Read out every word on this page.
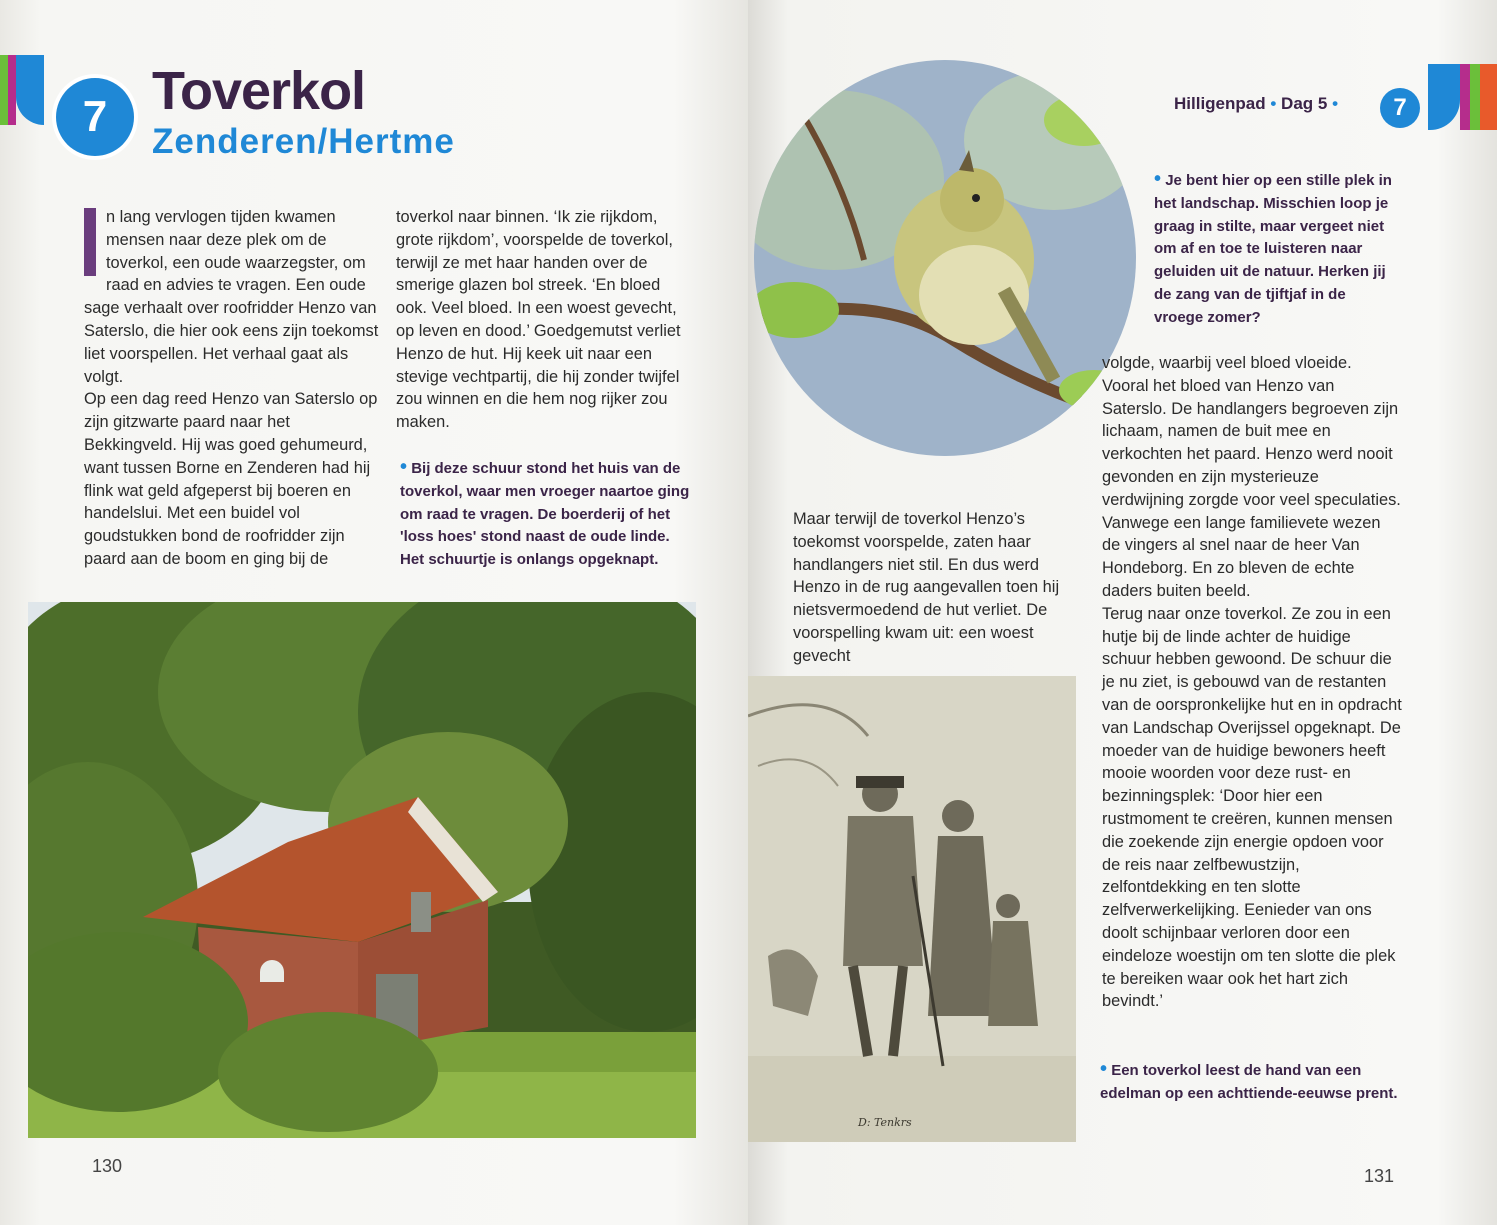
7 Toverkol
Zenderen/Hertme

n lang vervlogen tijden kwamen mensen naar deze plek om de toverkol, een oude waarzegster, om raad en advies te vragen. Een oude sage verhaalt over roofridder Henzo van Saterslo, die hier ook eens zijn toekomst liet voorspellen. Het verhaal gaat als volgt.

Op een dag reed Henzo van Saterslo op zijn gitzwarte paard naar het Bekkingveld. Hij was goed gehumeurd, want tussen Borne en Zenderen had hij flink wat geld afgeperst bij boeren en handelslui. Met een buidel vol goudstukken bond de roofridder zijn paard aan de boom en ging bij de

toverkol naar binnen. ‘Ik zie rijkdom, grote rijkdom’, voorspelde de toverkol, terwijl ze met haar handen over de smerige glazen bol streek. ‘En bloed ook. Veel bloed. In een woest gevecht, op leven en dood.’ Goedgemutst verliet Henzo de hut. Hij keek uit naar een stevige vechtpartij, die hij zonder twijfel zou winnen en die hem nog rijker zou maken.

• Bij deze schuur stond het huis van de toverkol, waar men vroeger naartoe ging om raad te vragen. De boerderij of het 'loss hoes' stond naast de oude linde. Het schuurtje is onlangs opgeknapt.
130
Hilligenpad • Dag 5 •	7
• Je bent hier op een stille plek in het landschap. Misschien loop je graag in stilte, maar vergeet niet om af en toe te luisteren naar geluiden uit de natuur. Herken jij de zang van de tjiftjaf in de vroege zomer?

Maar terwijl de toverkol Henzo’s toekomst voorspelde, zaten haar handlangers niet stil. En dus werd Henzo in de rug aangevallen toen hij nietsvermoedend de hut verliet. De voorspelling kwam uit: een woest gevecht

volgde, waarbij veel bloed vloeide. Vooral het bloed van Henzo van Saterslo. De handlangers begroeven zijn lichaam, namen de buit mee en verkochten het paard. Henzo werd nooit gevonden en zijn mysterieuze verdwijning zorgde voor veel speculaties. Vanwege een lange familievete wezen de vingers al snel naar de heer Van Hondeborg. En zo bleven de echte daders buiten beeld.

Terug naar onze toverkol. Ze zou in een hutje bij de linde achter de huidige schuur hebben gewoond. De schuur die je nu ziet, is gebouwd van de restanten van de oorspronkelijke hut en in opdracht van Landschap Overijssel opgeknapt. De moeder van de huidige bewoners heeft mooie woorden voor deze rust- en bezinningsplek: ‘Door hier een rustmoment te creëren, kunnen mensen die zoekende zijn energie opdoen voor de reis naar zelfbewustzijn, zelfontdekking en ten slotte zelfverwerkelijking. Eenieder van ons doolt schijnbaar verloren door een eindeloze woestijn om ten slotte die plek te bereiken waar ook het hart zich bevindt.’

D: Tenkrs
• Een toverkol leest de hand van een edelman op een achttiende-eeuwse prent.
131
